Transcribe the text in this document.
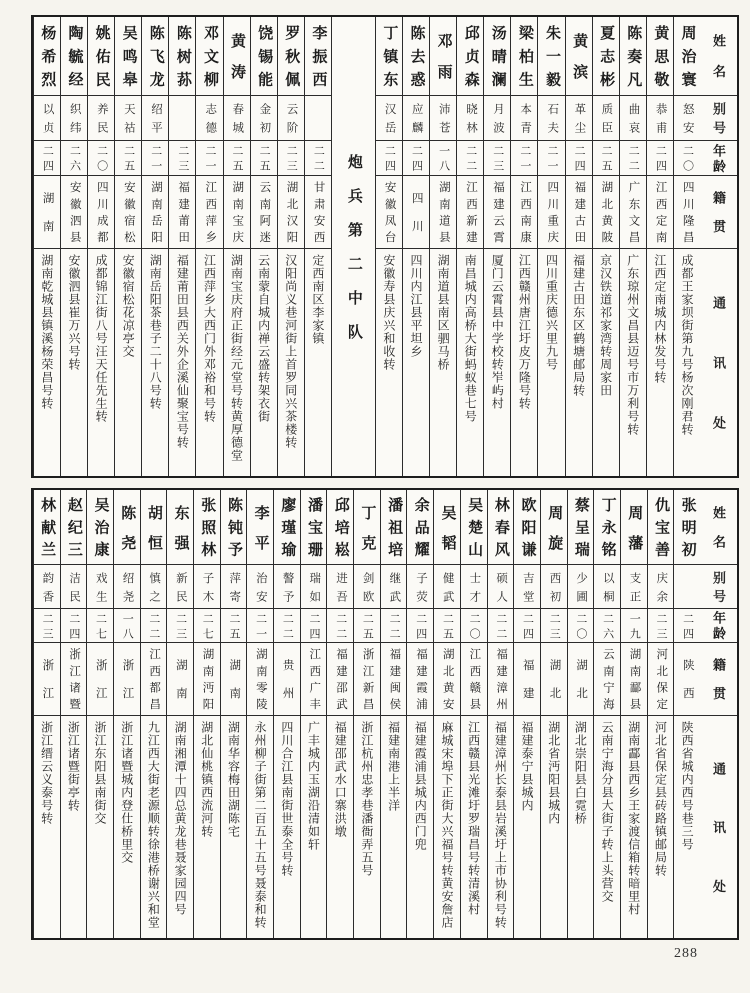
姓名
别号
年龄
籍贯
通讯处
周治寰
怒安
二〇
四川隆昌
成都王家坝街第九号杨次刚君转
黄思敬
恭甫
二四
江西定南
江西定南城内林发号转
陈奏凡
曲哀
二二
广东文昌
广东琼州文昌县迈号市万利号转
夏志彬
质臣
二五
湖北黄陂
京汉铁道祁家湾转周家田
黄滨
革尘
二四
福建古田
福建古田东区鹤塘邮局转
朱一毅
石夫
二一
四川重庆
四川重庆德兴里九号
梁柏生
本青
二一
江西南康
江西赣州唐江圩皮万隆号转
汤晴澜
月波
二三
福建云霄
厦门云霄县中学校转岝屿村
邱贞森
晓林
二二
江西新建
南昌城内高桥大街蚂蚁巷七号
邓雨
沛苍
一八
湖南道县
湖南道县南区驷马桥
陈去惑
应麟
二四
四川
四川内江县平坦乡
丁镇东
汉岳
二四
安徽凤台
安徽寿县庆兴和收转
炮兵第二中队
李振西
二二
甘肃安西
定西南区李家镇
罗秋佩
云阶
二三
湖北汉阳
汉阳尚义巷河街上首罗同兴茶楼转
饶锡能
金初
二五
云南阿迷
云南蒙自城内禅云盛转架衣街
黄涛
春城
二五
湖南宝庆
湖南宝庆府正街经元堂号转黄厚德堂
邓文柳
志德
二一
江西萍乡
江西萍乡大西门外邓裕和号转
陈树荪
二三
福建莆田
福建莆田县西关外企溪仙聚宝号转
陈飞龙
绍平
二一
湖南岳阳
湖南岳阳茶巷子二十八号转
吴鸣皋
天祜
二五
安徽宿松
安徽宿松花凉亭交
姚佑民
养民
二〇
四川成都
成都锦江街八号汪天任先生转
陶毓经
织纬
二六
安徽泗县
安徽泗县崔万兴号转
杨希烈
以贞
二四
湖南
湖南乾城县镇溪杨荣昌号转
姓名
别号
年龄
籍贯
通讯处
张明初
二四
陕西
陕西省城内西号巷三号
仇宝善
庆余
二三
河北保定
河北省保定县砖路镇邮局转
周藩
支正
一九
湖南酃县
湖南酃县西乡王家渡信箱转暗里村
丁永铭
以桐
二六
云南宁海
云南宁海分县大街子转上头营交
蔡呈瑞
少圃
二〇
湖北
湖北崇阳县白霓桥
周旋
西初
二三
湖北
湖北省沔阳县城内
欧阳谦
吉堂
二四
福建
福建泰宁县城内
林春风
硕人
二二
福建漳州
福建漳州长泰县岩溪圩上市协利号转
吴楚山
士才
二〇
江西赣县
江西赣县光滩圩罗瑞昌号转清溪村
吴韬
健武
二五
湖北黄安
麻城宋埠下正街大兴福号转黄安詹店
余品耀
子荧
二四
福建霞浦
福建霞浦县城内西门兜
潘祖培
继武
二二
福建闽侯
福建南港上半洋
丁克
剑欧
二五
浙江新昌
浙江杭州忠孝巷潘衙弄五号
邱培崧
进吾
二二
福建邵武
福建邵武水口寨洪墩
潘宝珊
瑞如
二四
江西广丰
广丰城内玉湖沿清如轩
廖瑾瑜
謷予
二二
贵州
四川合江县南街世泰全号转
李平
治安
二一
湖南零陵
永州柳子街第二百五十五号聂泰和转
陈钝予
萍寄
二五
湖南
湖南华容梅田湖陈宅
张照林
子木
二七
湖南沔阳
湖北仙桃镇西流河转
东强
新民
二三
湖南
湖南湘潭十四总黄龙巷聂家园四号
胡恒
慎之
二二
江西都昌
九江西大街老源顺转徐港桥谢兴和堂
陈尧
绍尧
一八
浙江
浙江诸暨城内登仕桥里交
吴治康
戏生
二七
浙江
浙江东阳县南街交
赵纪三
洁民
二四
浙江诸暨
浙江诸暨街亭转
林献兰
韵香
二三
浙江
浙江缙云义泰号转
288
